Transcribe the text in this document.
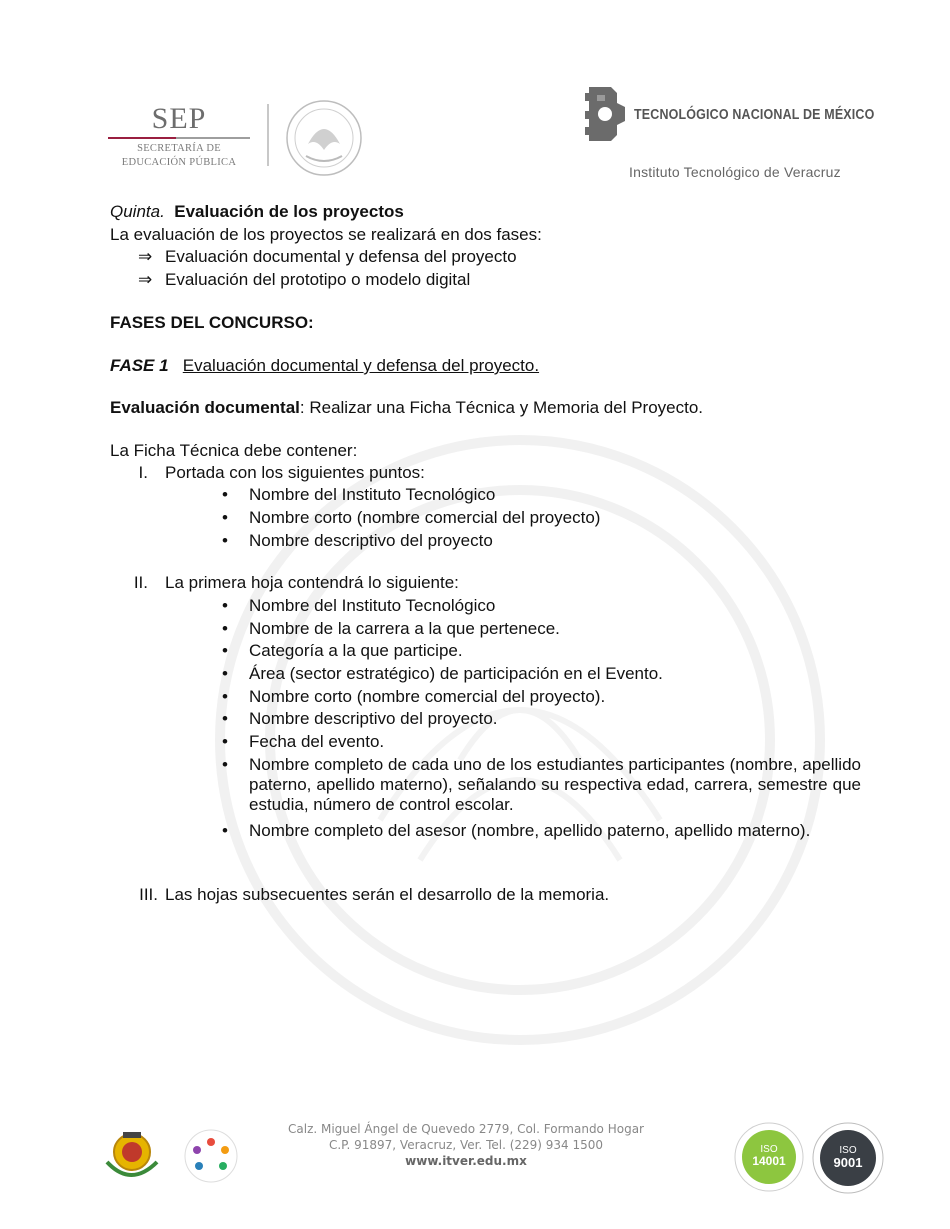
SEP
SECRETARÍA DE
EDUCACIÓN PÚBLICA
TECNOLÓGICO NACIONAL DE MÉXICO
Instituto Tecnológico de Veracruz
Quinta. Evaluación de los proyectos
La evaluación de los proyectos se realizará en dos fases:
⇒ Evaluación documental y defensa del proyecto
⇒ Evaluación del prototipo o modelo digital
FASES DEL CONCURSO:
FASE 1 Evaluación documental y defensa del proyecto.
Evaluación documental: Realizar una Ficha Técnica y Memoria del Proyecto.
La Ficha Técnica debe contener:
I. Portada con los siguientes puntos:
• Nombre del Instituto Tecnológico
• Nombre corto (nombre comercial del proyecto)
• Nombre descriptivo del proyecto
II. La primera hoja contendrá lo siguiente:
• Nombre del Instituto Tecnológico
• Nombre de la carrera a la que pertenece.
• Categoría a la que participe.
• Área (sector estratégico) de participación en el Evento.
• Nombre corto (nombre comercial del proyecto).
• Nombre descriptivo del proyecto.
• Fecha del evento.
• Nombre completo de cada uno de los estudiantes participantes (nombre, apellido paterno, apellido materno), señalando su respectiva edad, carrera, semestre que estudia, número de control escolar.
• Nombre completo del asesor (nombre, apellido paterno, apellido materno).
III. Las hojas subsecuentes serán el desarrollo de la memoria.
Calz. Miguel Ángel de Quevedo 2779, Col. Formando Hogar
C.P. 91897, Veracruz, Ver. Tel. (229) 934 1500
www.itver.edu.mx
ISO
14001
ISO
9001
